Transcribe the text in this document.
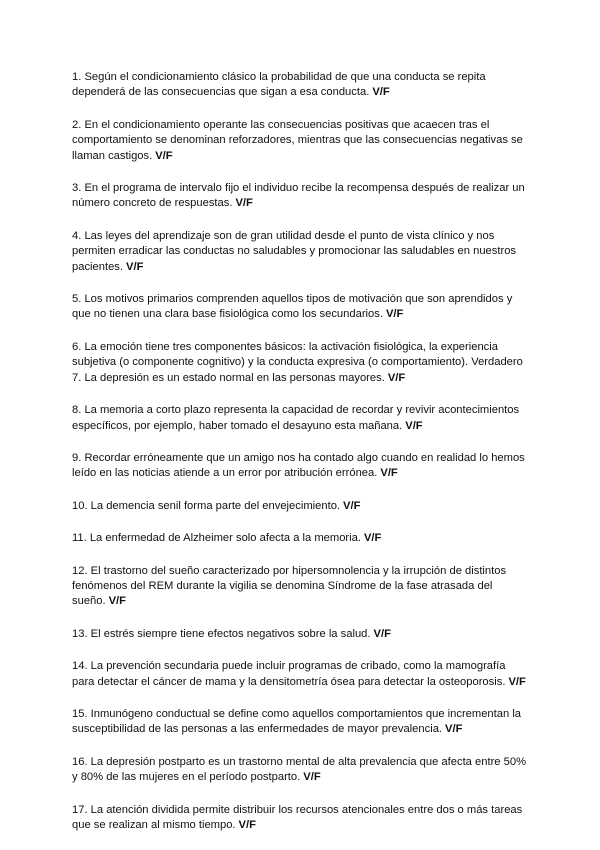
1. Según el condicionamiento clásico la probabilidad de que una conducta se repita dependerá de las consecuencias que sigan a esa conducta. V/F

2. En el condicionamiento operante las consecuencias positivas que acaecen tras el comportamiento se denominan reforzadores, mientras que las consecuencias negativas se llaman castigos. V/F

3. En el programa de intervalo fijo el individuo recibe la recompensa después de realizar un número concreto de respuestas. V/F

4. Las leyes del aprendizaje son de gran utilidad desde el punto de vista clínico y nos permiten erradicar las conductas no saludables y promocionar las saludables en nuestros pacientes. V/F

5. Los motivos primarios comprenden aquellos tipos de motivación que son aprendidos y que no tienen una clara base fisiológica como los secundarios. V/F

6. La emoción tiene tres componentes básicos: la activación fisiológica, la experiencia subjetiva (o componente cognitivo) y la conducta expresiva (o comportamiento). Verdadero

7. La depresión es un estado normal en las personas mayores. V/F

8. La memoria a corto plazo representa la capacidad de recordar y revivir acontecimientos específicos, por ejemplo, haber tomado el desayuno esta mañana. V/F

9. Recordar erróneamente que un amigo nos ha contado algo cuando en realidad lo hemos leído en las noticias atiende a un error por atribución errónea. V/F

10. La demencia senil forma parte del envejecimiento. V/F

11. La enfermedad de Alzheimer solo afecta a la memoria. V/F

12. El trastorno del sueño caracterizado por hipersomnolencia y la irrupción de distintos fenómenos del REM durante la vigilia se denomina Síndrome de la fase atrasada del sueño. V/F

13. El estrés siempre tiene efectos negativos sobre la salud. V/F

14. La prevención secundaria puede incluir programas de cribado, como la mamografía para detectar el cáncer de mama y la densitometría ósea para detectar la osteoporosis. V/F

15. Inmunógeno conductual se define como aquellos comportamientos que incrementan la susceptibilidad de las personas a las enfermedades de mayor prevalencia. V/F

16. La depresión postparto es un trastorno mental de alta prevalencia que afecta entre 50% y 80% de las mujeres en el período postparto. V/F

17. La atención dividida permite distribuir los recursos atencionales entre dos o más tareas que se realizan al mismo tiempo. V/F
